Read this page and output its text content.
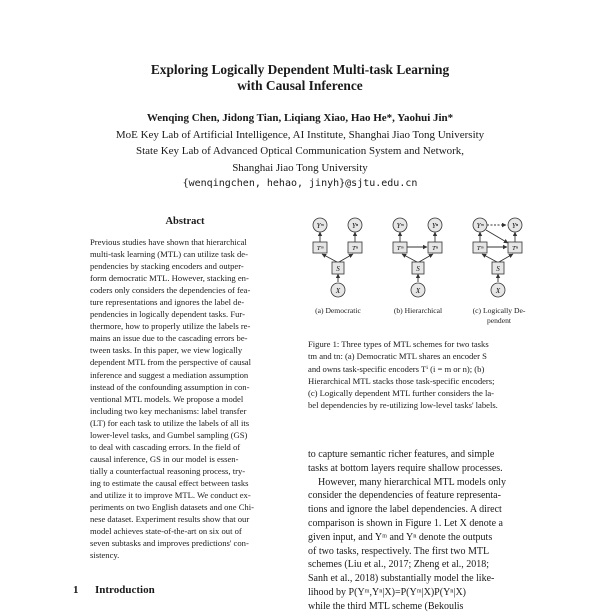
Exploring Logically Dependent Multi-task Learning
with Causal Inference
Wenqing Chen, Jidong Tian, Liqiang Xiao, Hao He*, Yaohui Jin*
MoE Key Lab of Artificial Intelligence, AI Institute, Shanghai Jiao Tong University
State Key Lab of Advanced Optical Communication System and Network,
Shanghai Jiao Tong University
{wenqingchen, hehao, jinyh}@sjtu.edu.cn
Abstract
Previous studies have shown that hierarchical
multi-task learning (MTL) can utilize task de-
pendencies by stacking encoders and outper-
form democratic MTL. However, stacking en-
coders only considers the dependencies of fea-
ture representations and ignores the label de-
pendencies in logically dependent tasks. Fur-
thermore, how to properly utilize the labels re-
mains an issue due to the cascading errors be-
tween tasks. In this paper, we view logically
dependent MTL from the perspective of causal
inference and suggest a mediation assumption
instead of the confounding assumption in con-
ventional MTL models. We propose a model
including two key mechanisms: label transfer
(LT) for each task to utilize the labels of all its
lower-level tasks, and Gumbel sampling (GS)
to deal with cascading errors. In the field of
causal inference, GS in our model is essen-
tially a counterfactual reasoning process, try-
ing to estimate the causal effect between tasks
and utilize it to improve MTL. We conduct ex-
periments on two English datasets and one Chi-
nese dataset. Experiment results show that our
model achieves state-of-the-art on six out of
seven subtasks and improves predictions' con-
sistency.
1 Introduction
Yᵐ	Yⁿ
Tᵐ	Tⁿ
S
X
Yᵐ	Yⁿ
Tᵐ	Tⁿ
S
X
Yᵐ	Yⁿ
Tᵐ	Tⁿ
S
X
(a) Democratic	(b) Hierarchical	(c) Logically De-
pendent
Figure 1: Three types of MTL schemes for two tasks
tm and tn: (a) Democratic MTL shares an encoder S
and owns task-specific encoders Tⁱ (i = m or n); (b)
Hierarchical MTL stacks those task-specific encoders;
(c) Logically dependent MTL further considers the la-
bel dependencies by re-utilizing low-level tasks' labels.
to capture semantic richer features, and simple
tasks at bottom layers require shallow processes.
However, many hierarchical MTL models only
consider the dependencies of feature representa-
tions and ignore the label dependencies. A direct
comparison is shown in Figure 1. Let X denote a
given input, and Yᵐ and Yⁿ denote the outputs
of two tasks, respectively. The first two MTL
schemes (Liu et al., 2017; Zheng et al., 2018;
Sanh et al., 2018) substantially model the like-
lihood by P(Yᵐ,Yⁿ|X)=P(Yᵐ|X)P(Yⁿ|X)
while the third MTL scheme (Bekoulis
